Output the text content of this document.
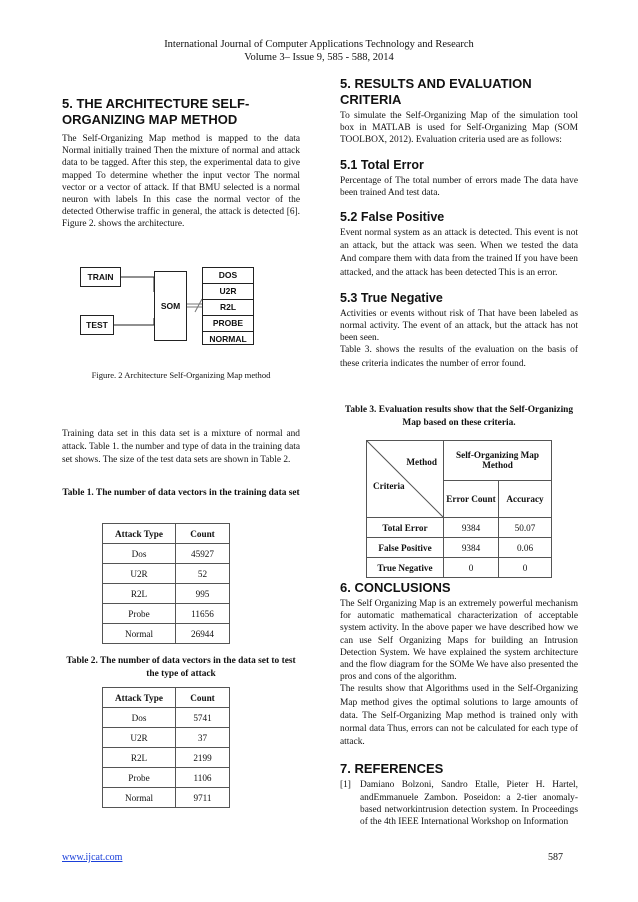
International Journal of Computer Applications Technology and Research
Volume 3– Issue 9, 585 - 588, 2014
5. THE ARCHITECTURE SELF-ORGANIZING MAP METHOD

The Self-Organizing Map method is mapped to the data Normal initially trained Then the mixture of normal and attack data to be tagged. After this step, the experimental data to give mapped To determine whether the input vector The normal vector or a vector of attack. If that BMU selected is a normal neuron with labels In this case the normal vector of the detected Otherwise traffic in general, the attack is detected [6]. Figure 2. shows the architecture.

TRAIN
TEST
SOM
DOS
U2R
R2L
PROBE
NORMAL
Figure. 2 Architecture Self-Organizing Map method

Training data set in this data set is a mixture of normal and attack. Table 1. the number and type of data in the training data set shows. The size of the test data sets are shown in Table 2.

Table 1. The number of data vectors in the training data set

Attack Type	Count
Dos	45927
U2R	52
R2L	995
Probe	11656
Normal	26944

Table 2. The number of data vectors in the data set to test the type of attack

Attack Type	Count
Dos	5741
U2R	37
R2L	2199
Probe	1106
Normal	9711
5. RESULTS AND EVALUATION CRITERIA

To simulate the Self-Organizing Map of the simulation tool box in MATLAB is used for Self-Organizing Map (SOM TOOLBOX, 2012). Evaluation criteria used are as follows:

5.1 Total Error

Percentage of The total number of errors made The data have been trained And test data.

5.2 False Positive

Event normal system as an attack is detected. This event is not an attack, but the attack was seen. When we tested the data And compare them with data from the trained If you have been attacked, and the attack has been detected This is an error.

5.3 True Negative

Activities or events without risk of That have been labeled as normal activity. The event of an attack, but the attack has not been seen.

Table 3. shows the results of the evaluation on the basis of these criteria indicates the number of error found.

Table 3. Evaluation results show that the Self-Organizing Map based on these criteria.

Method
Criteria	Self-Organizing Map Method	
	Error Count	Accuracy
Total Error	9384	50.07
False Positive	9384	0.06
True Negative	0	0
6. CONCLUSIONS

The Self Organizing Map is an extremely powerful mechanism for automatic mathematical characterization of acceptable system activity. In the above paper we have described how we can use Self Organizing Maps for building an Intrusion Detection System. We have explained the system architecture and the flow diagram for the SOMe We have also presented the pros and cons of the algorithm.

The results show that Algorithms used in the Self-Organizing Map method gives the optimal solutions to large amounts of data. The Self-Organizing Map method is trained only with normal data Thus, errors can not be calculated for each type of attack.

7. REFERENCES
[1] Damiano Bolzoni, Sandro Etalle, Pieter H. Hartel, andEmmanuele Zambon. Poseidon: a 2-tier anomaly-based networkintrusion detection system. In Proceedings of the 4th IEEE International Workshop on Information
www.ijcat.com	587
